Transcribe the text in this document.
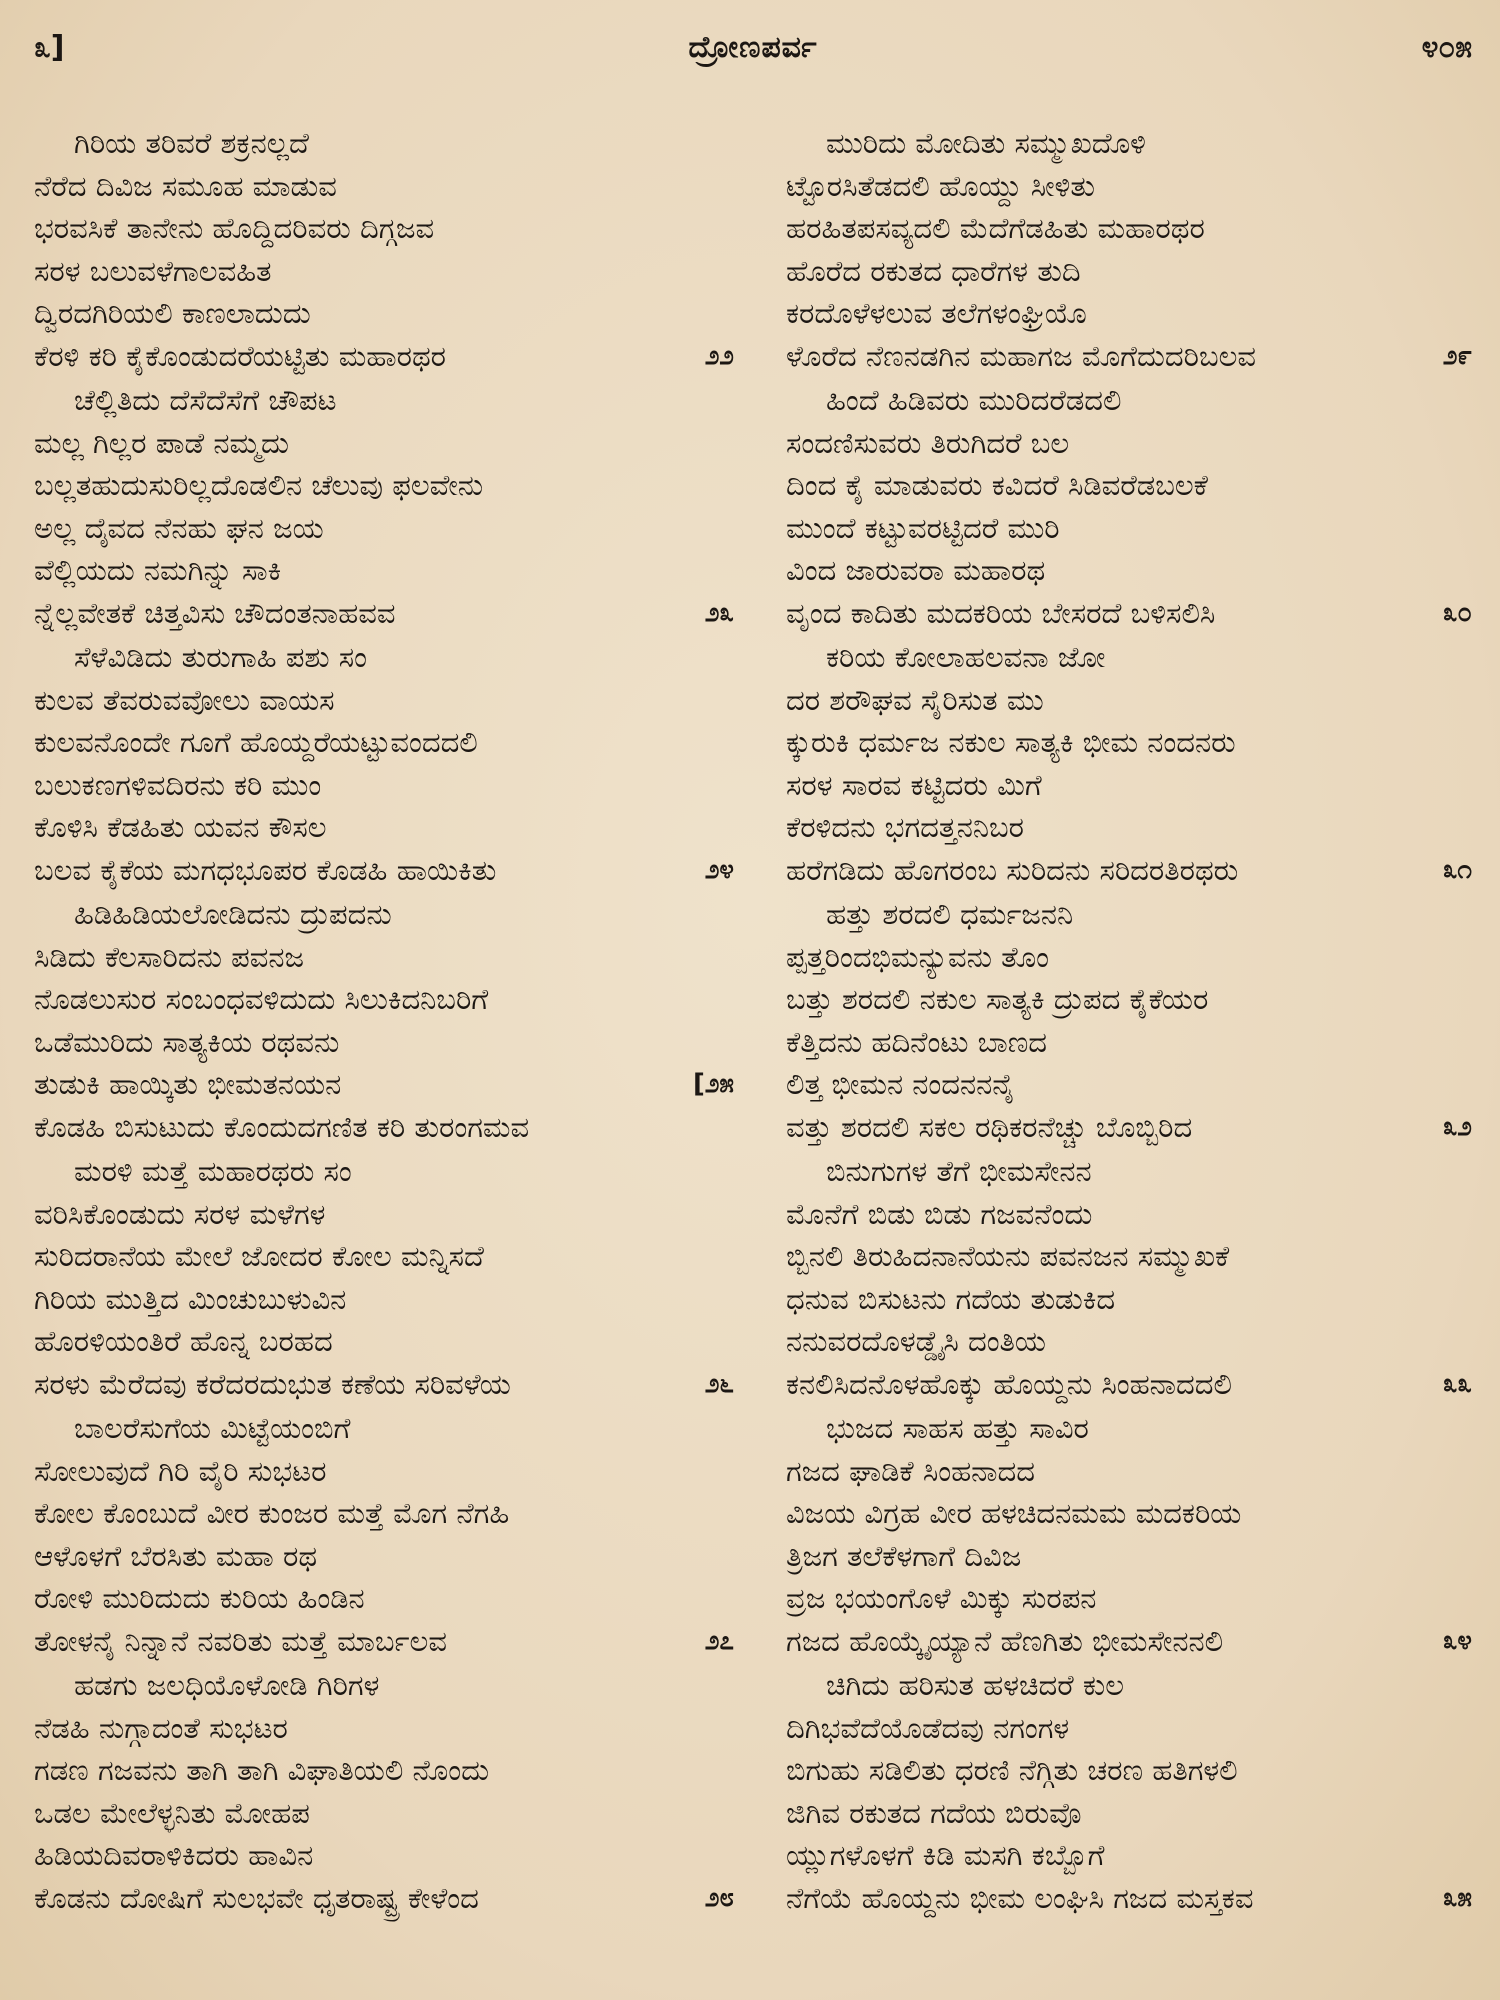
೩]	ದ್ರೋಣಪರ್ವ	೪೦೫
ಗಿರಿಯ ತರಿವರೆ ಶಕ್ರನಲ್ಲದೆ
ನೆರೆದ ದಿವಿಜ ಸಮೂಹ ಮಾಡುವ
ಭರವಸಿಕೆ ತಾನೇನು ಹೊದ್ದಿದರಿವರು ದಿಗ್ಗಜವ
ಸರಳ ಬಲುವಳೆಗಾಲವಹಿತ
ದ್ವಿರದಗಿರಿಯಲಿ ಕಾಣಲಾದುದು
ಕೆರಳಿ ಕರಿ ಕೈಕೊಂಡುದರೆಯಟ್ಟಿತು ಮಹಾರಥರ	೨೨
ಚೆಲ್ಲಿತಿದು ದೆಸೆದೆಸೆಗೆ ಚೌಪಟ
ಮಲ್ಲ ಗಿಲ್ಲರ ಪಾಡೆ ನಮ್ಮದು
ಬಲ್ಲತಹುದುಸುರಿಲ್ಲದೊಡಲಿನ ಚೆಲುವು ಫಲವೇನು
ಅಲ್ಲ ದೈವದ ನೆನಹು ಘನ ಜಯ
ವೆಲ್ಲಿಯದು ನಮಗಿನ್ನು ಸಾಕಿ
ನ್ನೆಲ್ಲವೇತಕೆ ಚಿತ್ತವಿಸು ಚೌದಂತನಾಹವವ	೨೩
ಸೆಳೆವಿಡಿದು ತುರುಗಾಹಿ ಪಶು ಸಂ
ಕುಲವ ತೆವರುವವೋಲು ವಾಯಸ
ಕುಲವನೊಂದೇ ಗೂಗೆ ಹೊಯ್ದರೆಯಟ್ಟುವಂದದಲಿ
ಬಲುಕಣಗಳಿವದಿರನು ಕರಿ ಮುಂ
ಕೊಳಿಸಿ ಕೆಡಹಿತು ಯವನ ಕೌಸಲ
ಬಲವ ಕೈಕೆಯ ಮಗಧಭೂಪರ ಕೊಡಹಿ ಹಾಯಿಕಿತು	೨೪
ಹಿಡಿಹಿಡಿಯಲೋಡಿದನು ದ್ರುಪದನು
ಸಿಡಿದು ಕೆಲಸಾರಿದನು ಪವನಜ
ನೊಡಲುಸುರ ಸಂಬಂಧವಳಿದುದು ಸಿಲುಕಿದನಿಬರಿಗೆ
ಒಡೆಮುರಿದು ಸಾತ್ಯಕಿಯ ರಥವನು
ತುಡುಕಿ ಹಾಯ್ಕಿತು ಭೀಮತನಯನ	[೨೫
ಕೊಡಹಿ ಬಿಸುಟುದು ಕೊಂದುದಗಣಿತ ಕರಿ ತುರಂಗಮವ
ಮರಳಿ ಮತ್ತೆ ಮಹಾರಥರು ಸಂ
ವರಿಸಿಕೊಂಡುದು ಸರಳ ಮಳೆಗಳ
ಸುರಿದರಾನೆಯ ಮೇಲೆ ಜೋದರ ಕೋಲ ಮನ್ನಿಸದೆ
ಗಿರಿಯ ಮುತ್ತಿದ ಮಿಂಚುಬುಳುವಿನ
ಹೊರಳಿಯಂತಿರೆ ಹೊನ್ನ ಬರಹದ
ಸರಳು ಮೆರೆದವು ಕರೆದರದುಭುತ ಕಣೆಯ ಸರಿವಳೆಯ	೨೬
ಬಾಲರೆಸುಗೆಯ ಮಿಟ್ಟೆಯಂಬಿಗೆ
ಸೋಲುವುದೆ ಗಿರಿ ವೈರಿ ಸುಭಟರ
ಕೋಲ ಕೊಂಬುದೆ ವೀರ ಕುಂಜರ ಮತ್ತೆ ಮೊಗ ನೆಗಹಿ
ಆಳೊಳಗೆ ಬೆರಸಿತು ಮಹಾ ರಥ
ರೋಳಿ ಮುರಿದುದು ಕುರಿಯ ಹಿಂಡಿನ
ತೋಳನೈ ನಿನ್ನಾನೆ ನವರಿತು ಮತ್ತೆ ಮಾರ್ಬಲವ	೨೭
ಹಡಗು ಜಲಧಿಯೊಳೋಡಿ ಗಿರಿಗಳ
ನೆಡಹಿ ನುಗ್ಗಾದಂತೆ ಸುಭಟರ
ಗಡಣ ಗಜವನು ತಾಗಿ ತಾಗಿ ವಿಘಾತಿಯಲಿ ನೊಂದು
ಒಡಲ ಮೇಲೆಳ್ಳನಿತು ಮೋಹಪ
ಹಿಡಿಯದಿವರಾಳಿಕಿದರು ಹಾವಿನ
ಕೊಡನು ದೋಷಿಗೆ ಸುಲಭವೇ ಧೃತರಾಷ್ಟ್ರ ಕೇಳೆಂದ	೨೮
ಮುರಿದು ಮೋದಿತು ಸಮ್ಮುಖದೊಳಿ
ಟ್ಟೊರಸಿತೆಡದಲಿ ಹೊಯ್ದು ಸೀಳಿತು
ಹರಹಿತಪಸವ್ಯದಲಿ ಮೆದೆಗೆಡಹಿತು ಮಹಾರಥರ
ಹೊರೆದ ರಕುತದ ಧಾರೆಗಳ ತುದಿ
ಕರದೊಳೆಳಲುವ ತಲೆಗಳಂಘ್ರಿಯೊ
ಳೊರೆದ ನೆಣನಡಗಿನ ಮಹಾಗಜ ಮೊಗೆದುದರಿಬಲವ	೨೯
ಹಿಂದೆ ಹಿಡಿವರು ಮುರಿದರೆಡದಲಿ
ಸಂದಣಿಸುವರು ತಿರುಗಿದರೆ ಬಲ
ದಿಂದ ಕೈ ಮಾಡುವರು ಕವಿದರೆ ಸಿಡಿವರೆಡಬಲಕೆ
ಮುಂದೆ ಕಟ್ಟುವರಟ್ಟಿದರೆ ಮುರಿ
ವಿಂದ ಜಾರುವರಾ ಮಹಾರಥ
ವೃಂದ ಕಾದಿತು ಮದಕರಿಯ ಬೇಸರದೆ ಬಳಿಸಲಿಸಿ	೩೦
ಕರಿಯ ಕೋಲಾಹಲವನಾ ಜೋ
ದರ ಶರೌಘವ ಸೈರಿಸುತ ಮು
ಕ್ಕುರುಕಿ ಧರ್ಮಜ ನಕುಲ ಸಾತ್ಯಕಿ ಭೀಮ ನಂದನರು
ಸರಳ ಸಾರವ ಕಟ್ಟಿದರು ಮಿಗೆ
ಕೆರಳಿದನು ಭಗದತ್ತನನಿಬರ
ಹರೆಗಡಿದು ಹೊಗರಂಬ ಸುರಿದನು ಸರಿದರತಿರಥರು	೩೧
ಹತ್ತು ಶರದಲಿ ಧರ್ಮಜನನಿ
ಪ್ಪತ್ತರಿಂದಭಿಮನ್ಯುವನು ತೊಂ
ಬತ್ತು ಶರದಲಿ ನಕುಲ ಸಾತ್ಯಕಿ ದ್ರುಪದ ಕೈಕೆಯರ
ಕೆತ್ತಿದನು ಹದಿನೆಂಟು ಬಾಣದ
ಲಿತ್ತ ಭೀಮನ ನಂದನನನೈ
ವತ್ತು ಶರದಲಿ ಸಕಲ ರಥಿಕರನೆಚ್ಚು ಬೊಬ್ಬಿರಿದ	೩೨
ಬಿನುಗುಗಳ ತೆಗೆ ಭೀಮಸೇನನ
ಮೊನೆಗೆ ಬಿಡು ಬಿಡು ಗಜವನೆಂದು
ಬ್ಬಿನಲಿ ತಿರುಹಿದನಾನೆಯನು ಪವನಜನ ಸಮ್ಮುಖಕೆ
ಧನುವ ಬಿಸುಟನು ಗದೆಯ ತುಡುಕಿದ
ನನುವರದೊಳಡ್ಡೈಸಿ ದಂತಿಯ
ಕನಲಿಸಿದನೊಳಹೊಕ್ಕು ಹೊಯ್ದನು ಸಿಂಹನಾದದಲಿ	೩೩
ಭುಜದ ಸಾಹಸ ಹತ್ತು ಸಾವಿರ
ಗಜದ ಘಾಡಿಕೆ ಸಿಂಹನಾದದ
ವಿಜಯ ವಿಗ್ರಹ ವೀರ ಹಳಚಿದನಮಮ ಮದಕರಿಯ
ತ್ರಿಜಗ ತಲೆಕೆಳಗಾಗೆ ದಿವಿಜ
ವ್ರಜ ಭಯಂಗೊಳೆ ಮಿಕ್ಕು ಸುರಪನ
ಗಜದ ಹೊಯ್ಕೈಯ್ಯಾನೆ ಹೆಣಗಿತು ಭೀಮಸೇನನಲಿ	೩೪
ಚಿಗಿದು ಹರಿಸುತ ಹಳಚಿದರೆ ಕುಲ
ದಿಗಿಭವೆದೆಯೊಡೆದವು ನಗಂಗಳ
ಬಿಗುಹು ಸಡಿಲಿತು ಧರಣಿ ನೆಗ್ಗಿತು ಚರಣ ಹತಿಗಳಲಿ
ಜಿಗಿವ ರಕುತದ ಗದೆಯ ಬಿರುವೊ
ಯ್ಲುಗಳೊಳಗೆ ಕಿಡಿ ಮಸಗಿ ಕಬ್ಬೊಗೆ
ನೆಗೆಯೆ ಹೊಯ್ದನು ಭೀಮ ಲಂಘಿಸಿ ಗಜದ ಮಸ್ತಕವ	೩೫
